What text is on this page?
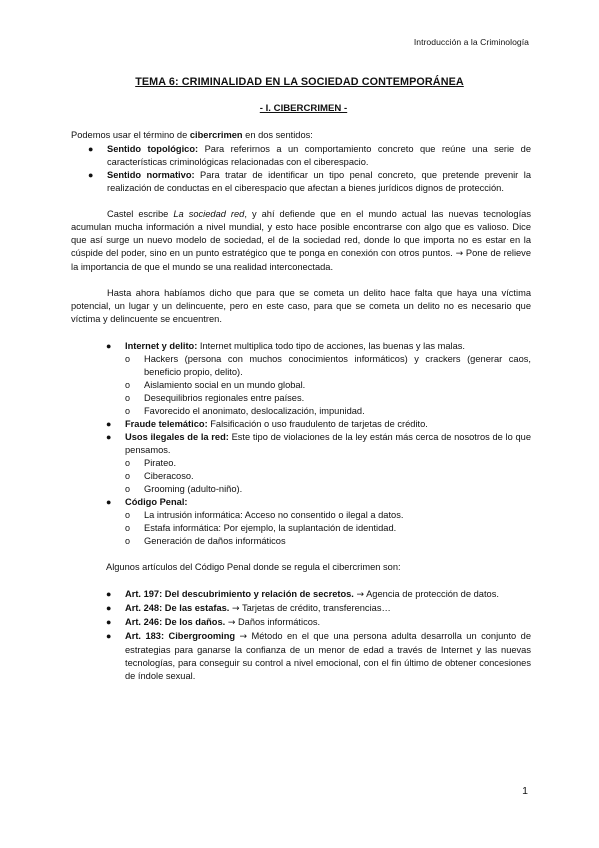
Introducción a la Criminología
TEMA 6: CRIMINALIDAD EN LA SOCIEDAD CONTEMPORÁNEA
- I. CIBERCRIMEN -

Podemos usar el término de cibercrimen en dos sentidos:

● Sentido topológico: Para referirnos a un comportamiento concreto que reúne una serie de características criminológicas relacionadas con el ciberespacio.
● Sentido normativo: Para tratar de identificar un tipo penal concreto, que pretende prevenir la realización de conductas en el ciberespacio que afectan a bienes jurídicos dignos de protección.

Castel escribe La sociedad red, y ahí defiende que en el mundo actual las nuevas tecnologías acumulan mucha información a nivel mundial, y esto hace posible encontrarse con algo que es valioso. Dice que así surge un nuevo modelo de sociedad, el de la sociedad red, donde lo que importa no es estar en la cúspide del poder, sino en un punto estratégico que te ponga en conexión con otros puntos. → Pone de relieve la importancia de que el mundo se una realidad interconectada.

Hasta ahora habíamos dicho que para que se cometa un delito hace falta que haya una víctima potencial, un lugar y un delincuente, pero en este caso, para que se cometa un delito no es necesario que víctima y delincuente se encuentren.

● Internet y delito: Internet multiplica todo tipo de acciones, las buenas y las malas.
o Hackers (persona con muchos conocimientos informáticos) y crackers (generar caos, beneficio propio, delito).
o Aislamiento social en un mundo global.
o Desequilibrios regionales entre países.
o Favorecido el anonimato, deslocalización, impunidad.
● Fraude telemático: Falsificación o uso fraudulento de tarjetas de crédito.
● Usos ilegales de la red: Este tipo de violaciones de la ley están más cerca de nosotros de lo que pensamos.
o Pirateo.
o Ciberacoso.
o Grooming (adulto-niño).
● Código Penal:
o La intrusión informática: Acceso no consentido o ilegal a datos.
o Estafa informática: Por ejemplo, la suplantación de identidad.
o Generación de daños informáticos

Algunos artículos del Código Penal donde se regula el cibercrimen son:

● Art. 197: Del descubrimiento y relación de secretos. → Agencia de protección de datos.
● Art. 248: De las estafas. → Tarjetas de crédito, transferencias…
● Art. 246: De los daños. → Daños informáticos.
● Art. 183: Cibergrooming → Método en el que una persona adulta desarrolla un conjunto de estrategias para ganarse la confianza de un menor de edad a través de Internet y las nuevas tecnologías, para conseguir su control a nivel emocional, con el fin último de obtener concesiones de índole sexual.
1
